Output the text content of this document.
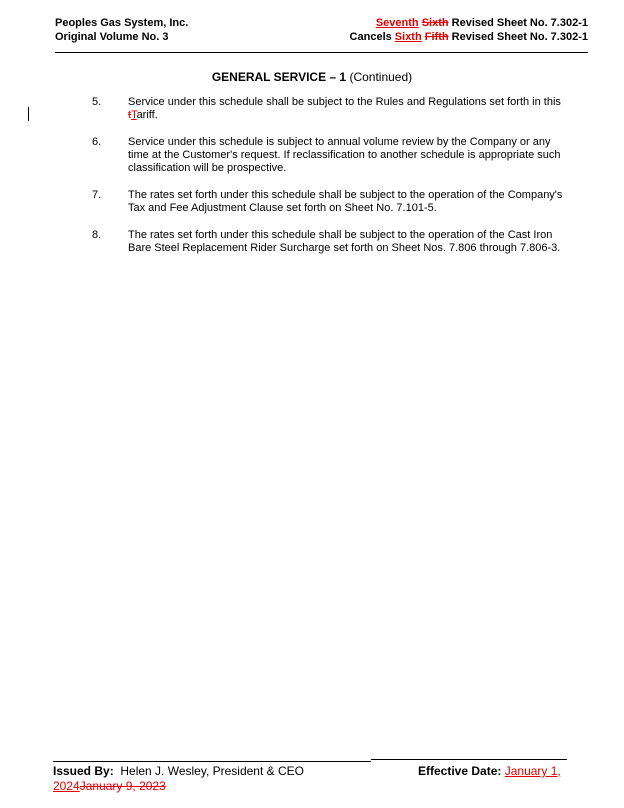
Peoples Gas System, Inc.
Original Volume No. 3
Seventh Sixth Revised Sheet No. 7.302-1
Cancels Sixth Fifth Revised Sheet No. 7.302-1
GENERAL SERVICE – 1 (Continued)
5.	Service under this schedule shall be subject to the Rules and Regulations set forth in this tTariff.
6.	Service under this schedule is subject to annual volume review by the Company or any time at the Customer's request. If reclassification to another schedule is appropriate such classification will be prospective.
7.	The rates set forth under this schedule shall be subject to the operation of the Company's Tax and Fee Adjustment Clause set forth on Sheet No. 7.101-5.
8.	The rates set forth under this schedule shall be subject to the operation of the Cast Iron Bare Steel Replacement Rider Surcharge set forth on Sheet Nos. 7.806 through 7.806-3.
Issued By:  Helen J. Wesley, President & CEO	Effective Date: January 1,
2024January 9, 2023
